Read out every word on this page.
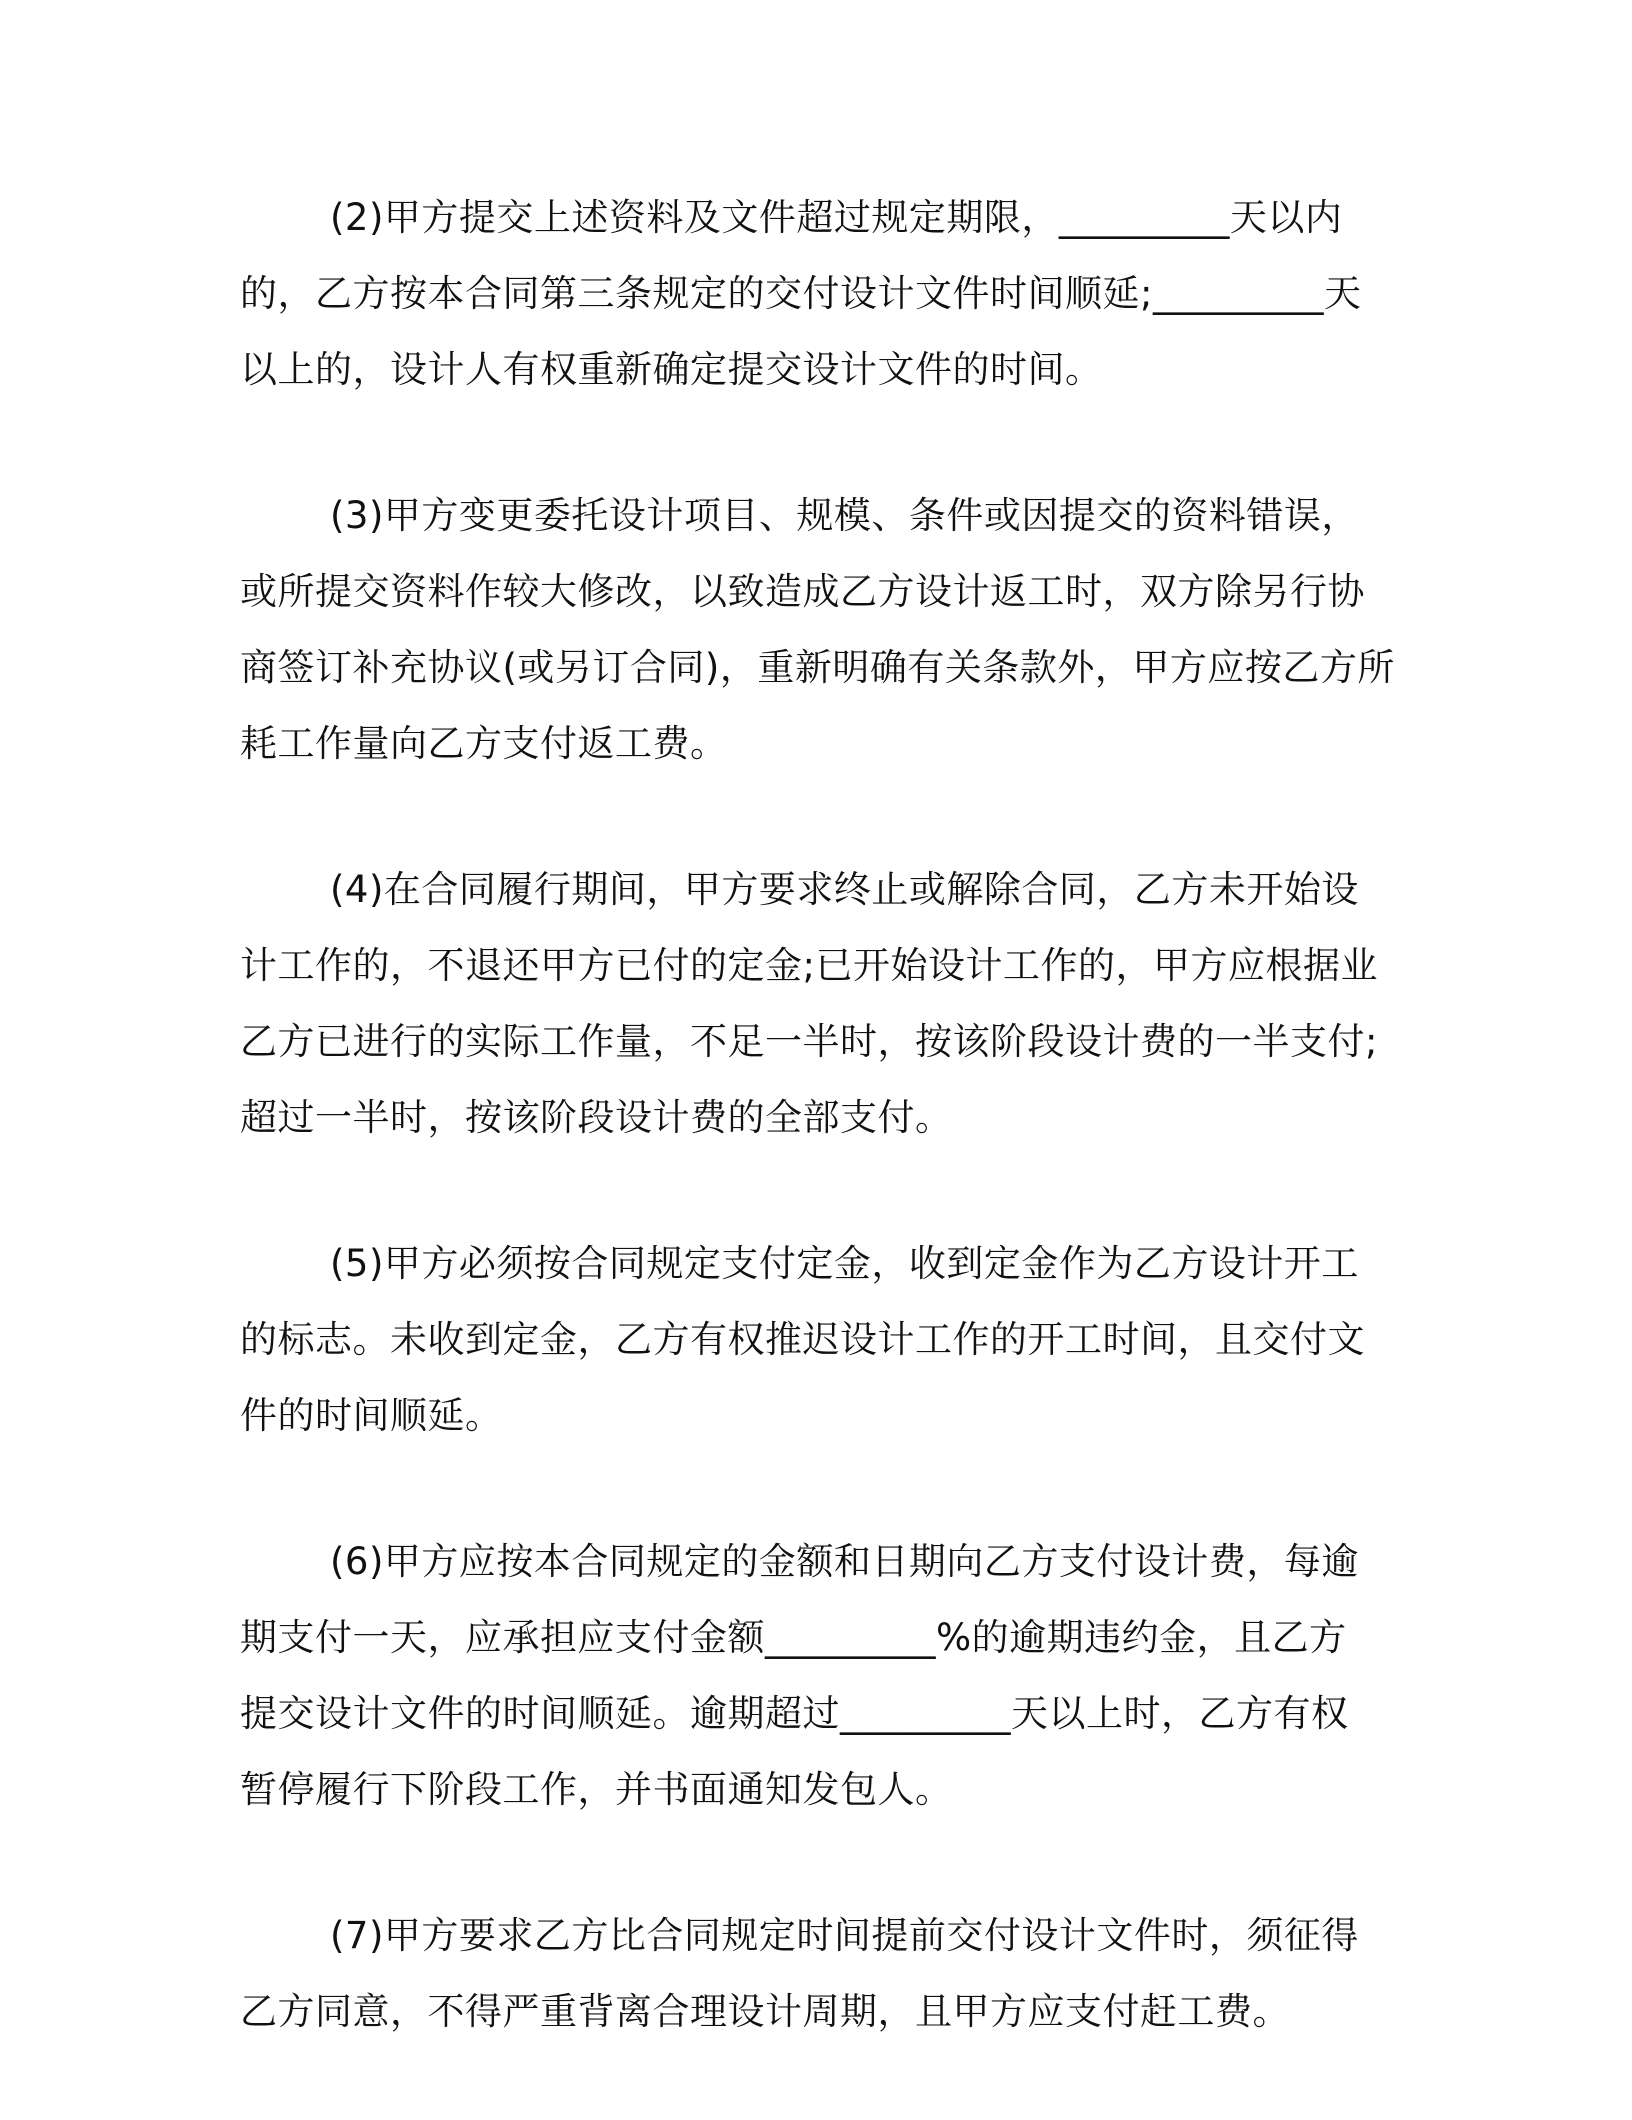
(2)甲方提交上述资料及文件超过规定期限，_________天以内
的，乙方按本合同第三条规定的交付设计文件时间顺延;_________天
以上的，设计人有权重新确定提交设计文件的时间。

(3)甲方变更委托设计项目、规模、条件或因提交的资料错误，
或所提交资料作较大修改，以致造成乙方设计返工时，双方除另行协
商签订补充协议(或另订合同)，重新明确有关条款外，甲方应按乙方所
耗工作量向乙方支付返工费。

(4)在合同履行期间，甲方要求终止或解除合同，乙方未开始设
计工作的，不退还甲方已付的定金;已开始设计工作的，甲方应根据业
乙方已进行的实际工作量，不足一半时，按该阶段设计费的一半支付;
超过一半时，按该阶段设计费的全部支付。

(5)甲方必须按合同规定支付定金，收到定金作为乙方设计开工
的标志。未收到定金，乙方有权推迟设计工作的开工时间，且交付文
件的时间顺延。

(6)甲方应按本合同规定的金额和日期向乙方支付设计费，每逾
期支付一天，应承担应支付金额_________%的逾期违约金，且乙方
提交设计文件的时间顺延。逾期超过_________天以上时，乙方有权
暂停履行下阶段工作，并书面通知发包人。

(7)甲方要求乙方比合同规定时间提前交付设计文件时，须征得
乙方同意，不得严重背离合理设计周期，且甲方应支付赶工费。
